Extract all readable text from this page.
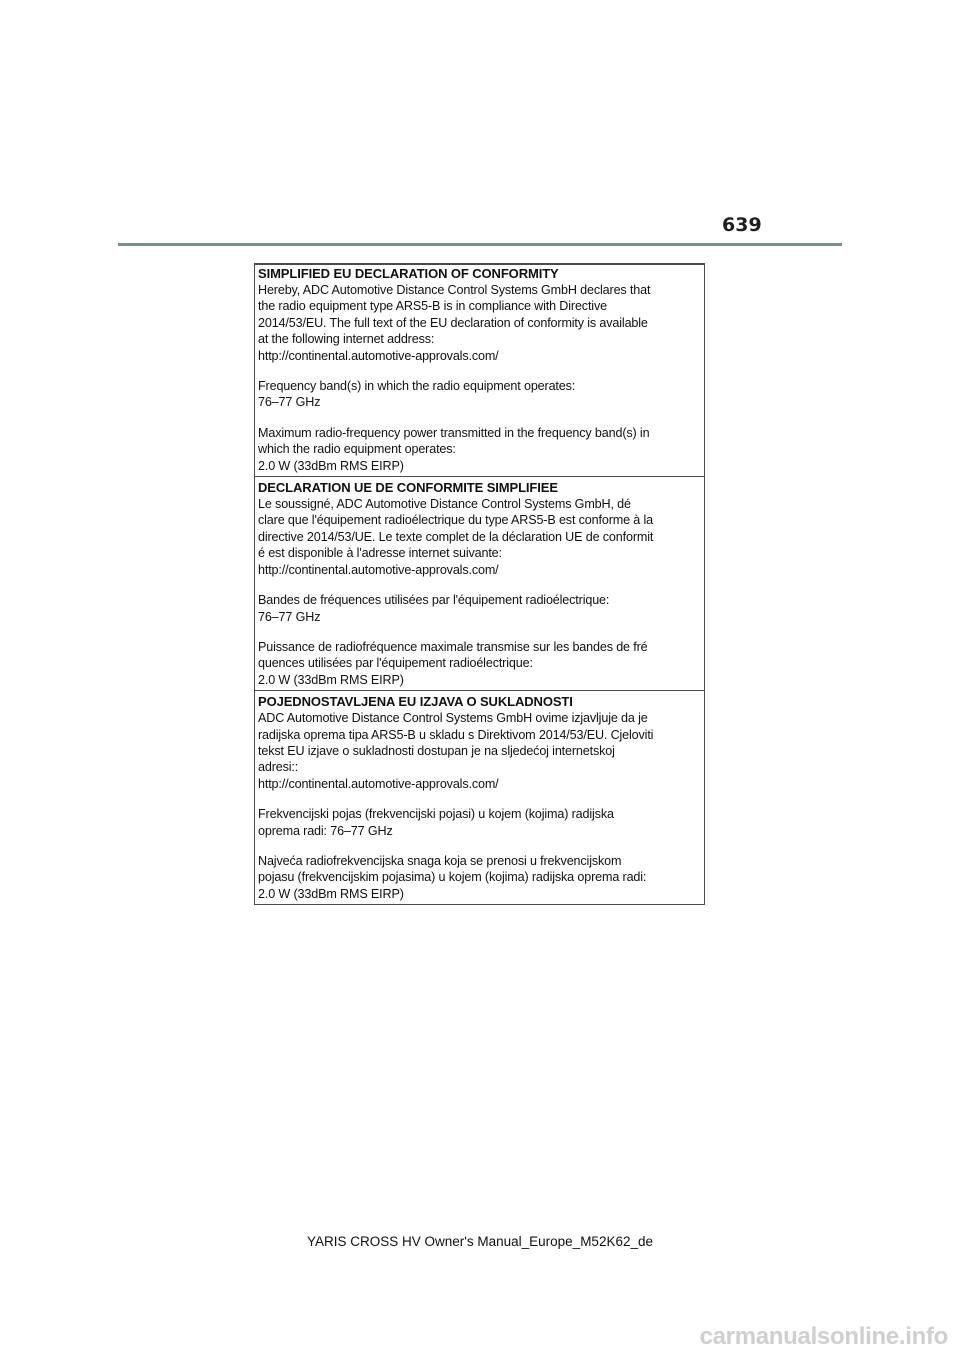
639

SIMPLIFIED EU DECLARATION OF CONFORMITY

Hereby, ADC Automotive Distance Control Systems GmbH declares that

the radio equipment type ARS5-B is in compliance with Directive

2014/53/EU. The full text of the EU declaration of conformity is available

at the following internet address:

http://continental.automotive-approvals.com/

Frequency band(s) in which the radio equipment operates:

76–77 GHz

Maximum radio-frequency power transmitted in the frequency band(s) in

which the radio equipment operates:

2.0 W (33dBm RMS EIRP)

DECLARATION UE DE CONFORMITE SIMPLIFIEE

Le soussigné, ADC Automotive Distance Control Systems GmbH, dé

clare que l'équipement radioélectrique du type ARS5-B est conforme à la

directive 2014/53/UE. Le texte complet de la déclaration UE de conformit

é est disponible à l'adresse internet suivante:

http://continental.automotive-approvals.com/

Bandes de fréquences utilisées par l'équipement radioélectrique:

76–77 GHz

Puissance de radiofréquence maximale transmise sur les bandes de fré

quences utilisées par l'équipement radioélectrique:

2.0 W (33dBm RMS EIRP)

POJEDNOSTAVLJENA EU IZJAVA O SUKLADNOSTI

ADC Automotive Distance Control Systems GmbH ovime izjavljuje da je

radijska oprema tipa ARS5-B u skladu s Direktivom 2014/53/EU. Cjeloviti

tekst EU izjave o sukladnosti dostupan je na sljedećoj internetskoj

adresi::

http://continental.automotive-approvals.com/

Frekvencijski pojas (frekvencijski pojasi) u kojem (kojima) radijska

oprema radi: 76–77 GHz

Najveća radiofrekvencijska snaga koja se prenosi u frekvencijskom

pojasu (frekvencijskim pojasima) u kojem (kojima) radijska oprema radi:

2.0 W (33dBm RMS EIRP)

YARIS CROSS HV Owner's Manual_Europe_M52K62_de
carmanualsonline.info
